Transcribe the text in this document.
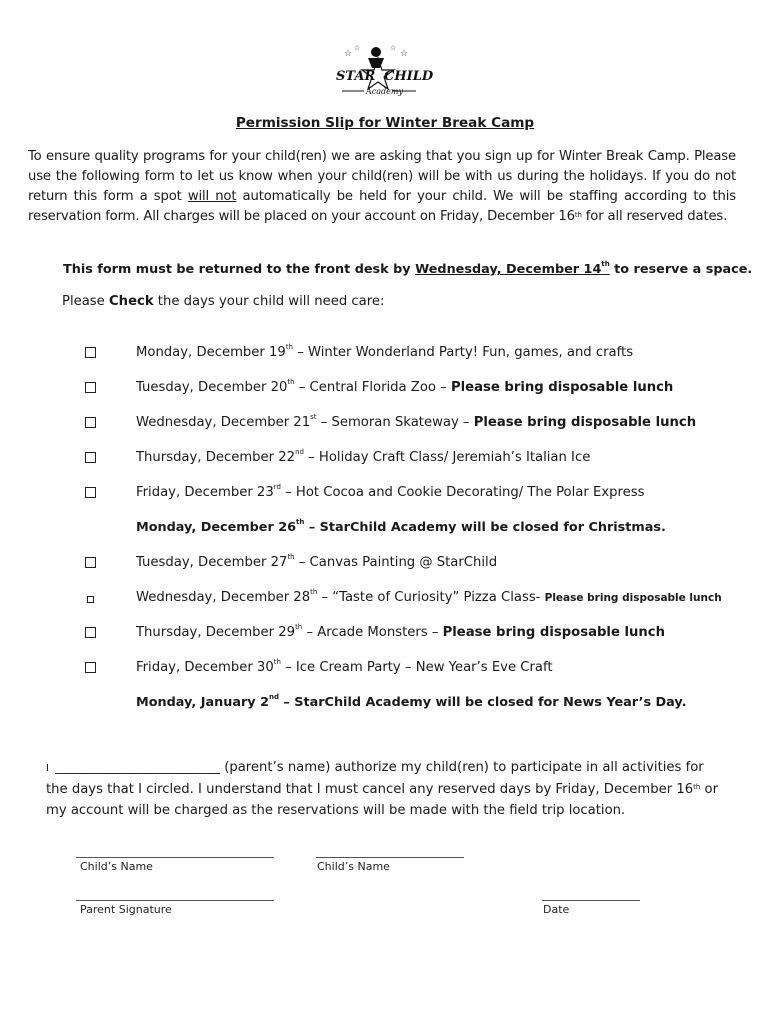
☆
☆	☆
☆
STAR CHILD
Academy
Permission Slip for Winter Break Camp
To ensure quality programs for your child(ren) we are asking that you sign up for Winter Break Camp. Please use the following form to let us know when your child(ren) will be with us during the holidays. If you do not return this form a spot will not automatically be held for your child. We will be staffing according to this reservation form. All charges will be placed on your account on Friday, December 16th for all reserved dates.
This form must be returned to the front desk by Wednesday, December 14th to reserve a space.
Please Check the days your child will need care:
Monday, December 19th – Winter Wonderland Party! Fun, games, and crafts
Tuesday, December 20th – Central Florida Zoo – Please bring disposable lunch
Wednesday, December 21st – Semoran Skateway – Please bring disposable lunch
Thursday, December 22nd – Holiday Craft Class/ Jeremiah’s Italian Ice
Friday, December 23rd – Hot Cocoa and Cookie Decorating/ The Polar Express
Monday, December 26th – StarChild Academy will be closed for Christmas.
Tuesday, December 27th – Canvas Painting @ StarChild
Wednesday, December 28th – “Taste of Curiosity” Pizza Class- Please bring disposable lunch
Thursday, December 29th – Arcade Monsters – Please bring disposable lunch
Friday, December 30th – Ice Cream Party – New Year’s Eve Craft
Monday, January 2nd – StarChild Academy will be closed for News Year’s Day.
I _________________________ (parent’s name) authorize my child(ren) to participate in all activities for the days that I circled. I understand that I must cancel any reserved days by Friday, December 16th or my account will be charged as the reservations will be made with the field trip location.
Child’s Name	Child’s Name
Parent Signature	Date
